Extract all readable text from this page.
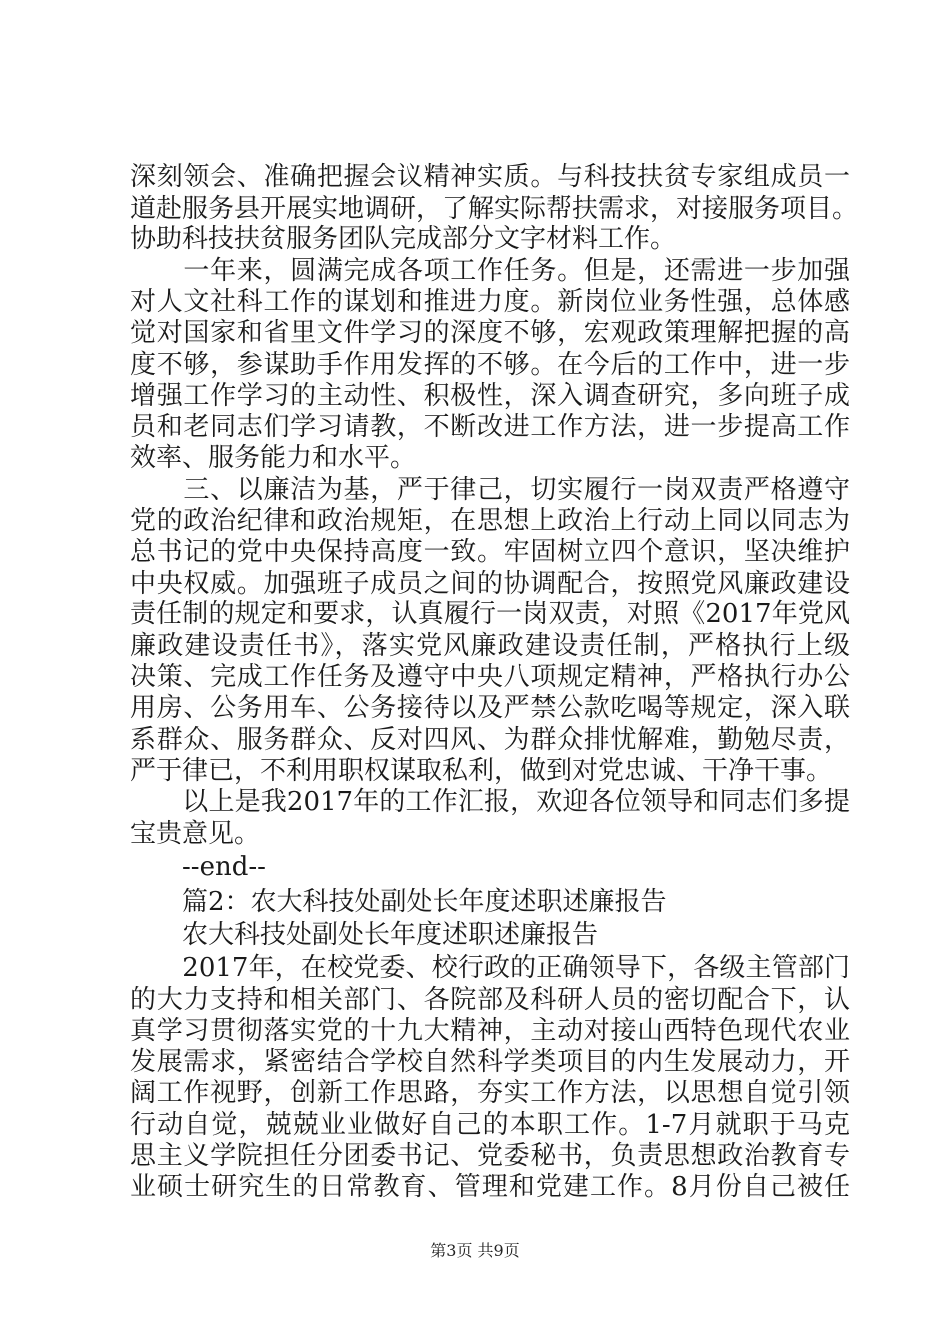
深刻领会、准确把握会议精神实质。与科技扶贫专家组成员一
道赴服务县开展实地调研，了解实际帮扶需求，对接服务项目。
协助科技扶贫服务团队完成部分文字材料工作。
　　一年来，圆满完成各项工作任务。但是，还需进一步加强
对人文社科工作的谋划和推进力度。新岗位业务性强，总体感
觉对国家和省里文件学习的深度不够，宏观政策理解把握的高
度不够，参谋助手作用发挥的不够。在今后的工作中，进一步
增强工作学习的主动性、积极性，深入调查研究，多向班子成
员和老同志们学习请教，不断改进工作方法，进一步提高工作
效率、服务能力和水平。
　　三、以廉洁为基，严于律己，切实履行一岗双责严格遵守
党的政治纪律和政治规矩，在思想上政治上行动上同以同志为
总书记的党中央保持高度一致。牢固树立四个意识，坚决维护
中央权威。加强班子成员之间的协调配合，按照党风廉政建设
责任制的规定和要求，认真履行一岗双责，对照《2017年党风
廉政建设责任书》，落实党风廉政建设责任制，严格执行上级
决策、完成工作任务及遵守中央八项规定精神，严格执行办公
用房、公务用车、公务接待以及严禁公款吃喝等规定，深入联
系群众、服务群众、反对四风、为群众排忧解难，勤勉尽责，
严于律已，不利用职权谋取私利，做到对党忠诚、干净干事。
　　以上是我2017年的工作汇报，欢迎各位领导和同志们多提
宝贵意见。
　　--end--
　　篇2：农大科技处副处长年度述职述廉报告
　　农大科技处副处长年度述职述廉报告
　　2017年，在校党委、校行政的正确领导下，各级主管部门
的大力支持和相关部门、各院部及科研人员的密切配合下，认
真学习贯彻落实党的十九大精神，主动对接山西特色现代农业
发展需求，紧密结合学校自然科学类项目的内生发展动力，开
阔工作视野，创新工作思路，夯实工作方法，以思想自觉引领
行动自觉，兢兢业业做好自己的本职工作。1-7月就职于马克
思主义学院担任分团委书记、党委秘书，负责思想政治教育专
业硕士研究生的日常教育、管理和党建工作。8月份自己被任
第3页 共9页
